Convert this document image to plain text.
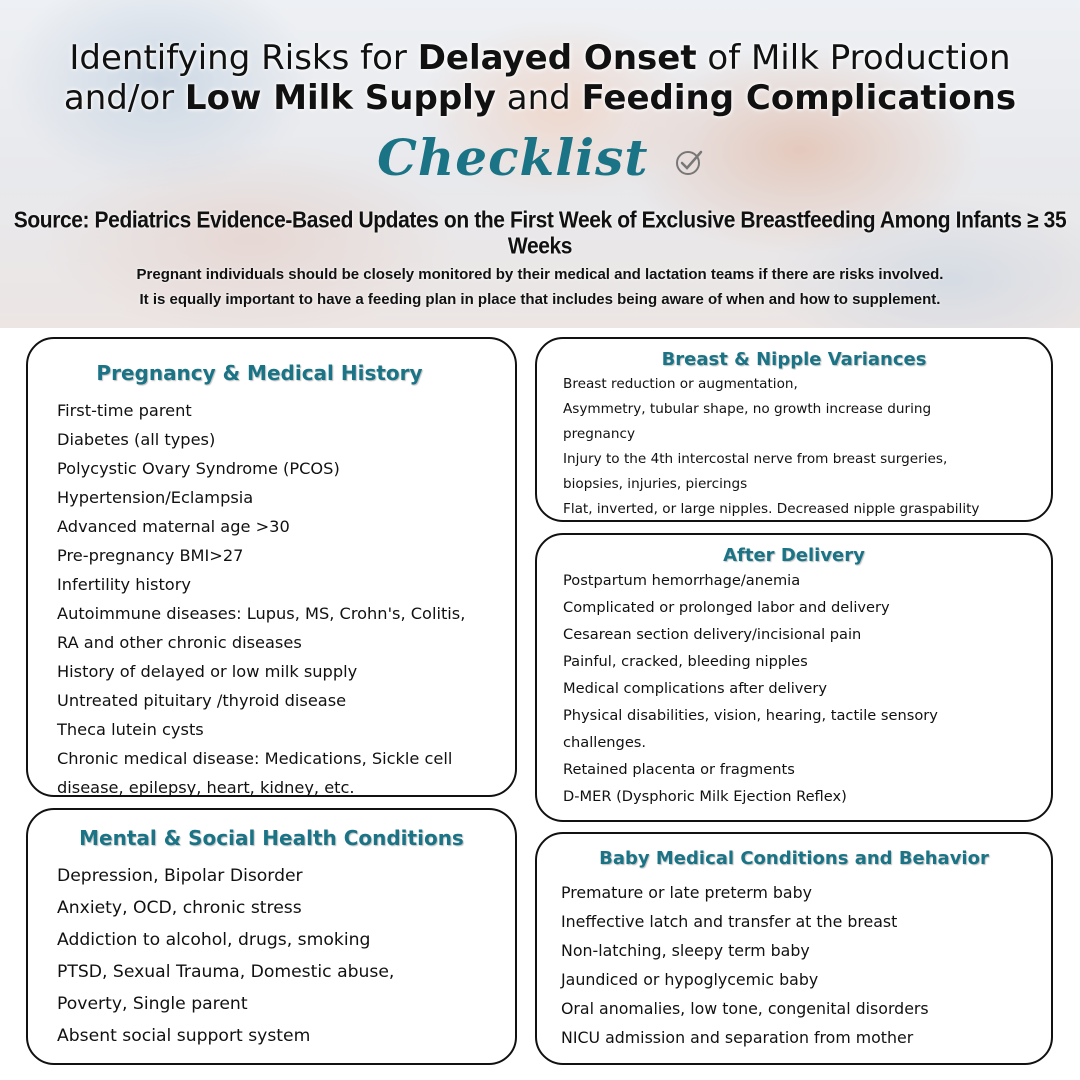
Identifying Risks for Delayed Onset of Milk Production
and/or Low Milk Supply and Feeding Complications
Checklist
Source: Pediatrics Evidence-Based Updates on the First Week of Exclusive Breastfeeding Among Infants ≥ 35 Weeks
Pregnant individuals should be closely monitored by their medical and lactation teams if there are risks involved.
It is equally important to have a feeding plan in place that includes being aware of when and how to supplement.
Pregnancy & Medical History
First-time parent
Diabetes (all types)
Polycystic Ovary Syndrome (PCOS)
Hypertension/Eclampsia
Advanced maternal age >30
Pre-pregnancy BMI>27
Infertility history
Autoimmune diseases: Lupus, MS, Crohn's, Colitis,
RA and other chronic diseases
History of delayed or low milk supply
Untreated pituitary /thyroid disease
Theca lutein cysts
Chronic medical disease: Medications, Sickle cell
disease, epilepsy, heart, kidney, etc.
Mental & Social Health Conditions
Depression, Bipolar Disorder
Anxiety, OCD, chronic stress
Addiction to alcohol, drugs, smoking
PTSD, Sexual Trauma, Domestic abuse,
Poverty, Single parent
Absent social support system
Breast & Nipple Variances
Breast reduction or augmentation,
Asymmetry, tubular shape, no growth increase during
pregnancy
Injury to the 4th intercostal nerve from breast surgeries,
biopsies, injuries, piercings
Flat, inverted, or large nipples. Decreased nipple graspability
After Delivery
Postpartum hemorrhage/anemia
Complicated or prolonged labor and delivery
Cesarean section delivery/incisional pain
Painful, cracked, bleeding nipples
Medical complications after delivery
Physical disabilities, vision, hearing, tactile sensory
challenges.
Retained placenta or fragments
D-MER (Dysphoric Milk Ejection Reflex)
Baby Medical Conditions and Behavior
Premature or late preterm baby
Ineffective latch and transfer at the breast
Non-latching, sleepy term baby
Jaundiced or hypoglycemic baby
Oral anomalies, low tone, congenital disorders
NICU admission and separation from mother
